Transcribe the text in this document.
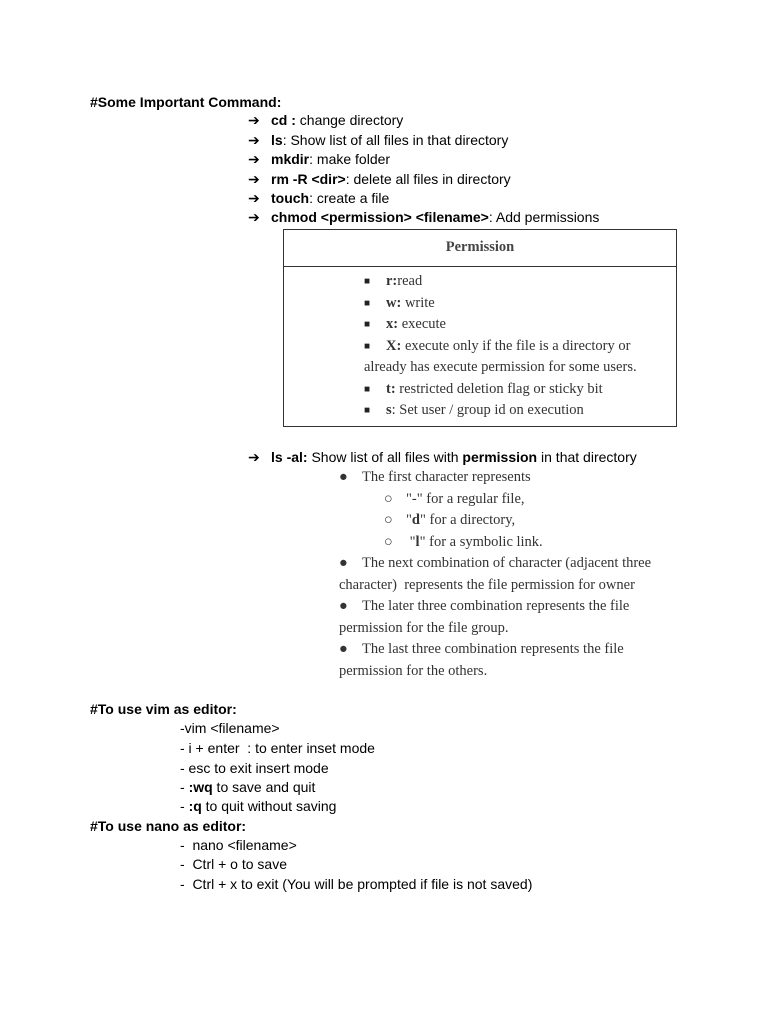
#Some Important Command:
➔ cd : change directory
➔ ls: Show list of all files in that directory
➔ mkdir: make folder
➔ rm -R <dir>: delete all files in directory
➔ touch: create a file
➔ chmod <permission> <filename>: Add permissions
Permission
■	r:read
■	w: write
■	x: execute
■	X: execute only if the file is a directory or
already has execute permission for some users.
■	t: restricted deletion flag or sticky bit
■	s: Set user / group id on execution
➔ ls -al: Show list of all files with permission in that directory
● The first character represents
○ "-" for a regular file,
○ "d" for a directory,
○ "l" for a symbolic link.
● The next combination of character (adjacent three
character)  represents the file permission for owner
● The later three combination represents the file
permission for the file group.
● The last three combination represents the file
permission for the others.
#To use vim as editor:
-vim <filename>
- i + enter  : to enter inset mode
- esc to exit insert mode
- :wq to save and quit
- :q to quit without saving
#To use nano as editor:
-  nano <filename>
-  Ctrl + o to save
-  Ctrl + x to exit (You will be prompted if file is not saved)
